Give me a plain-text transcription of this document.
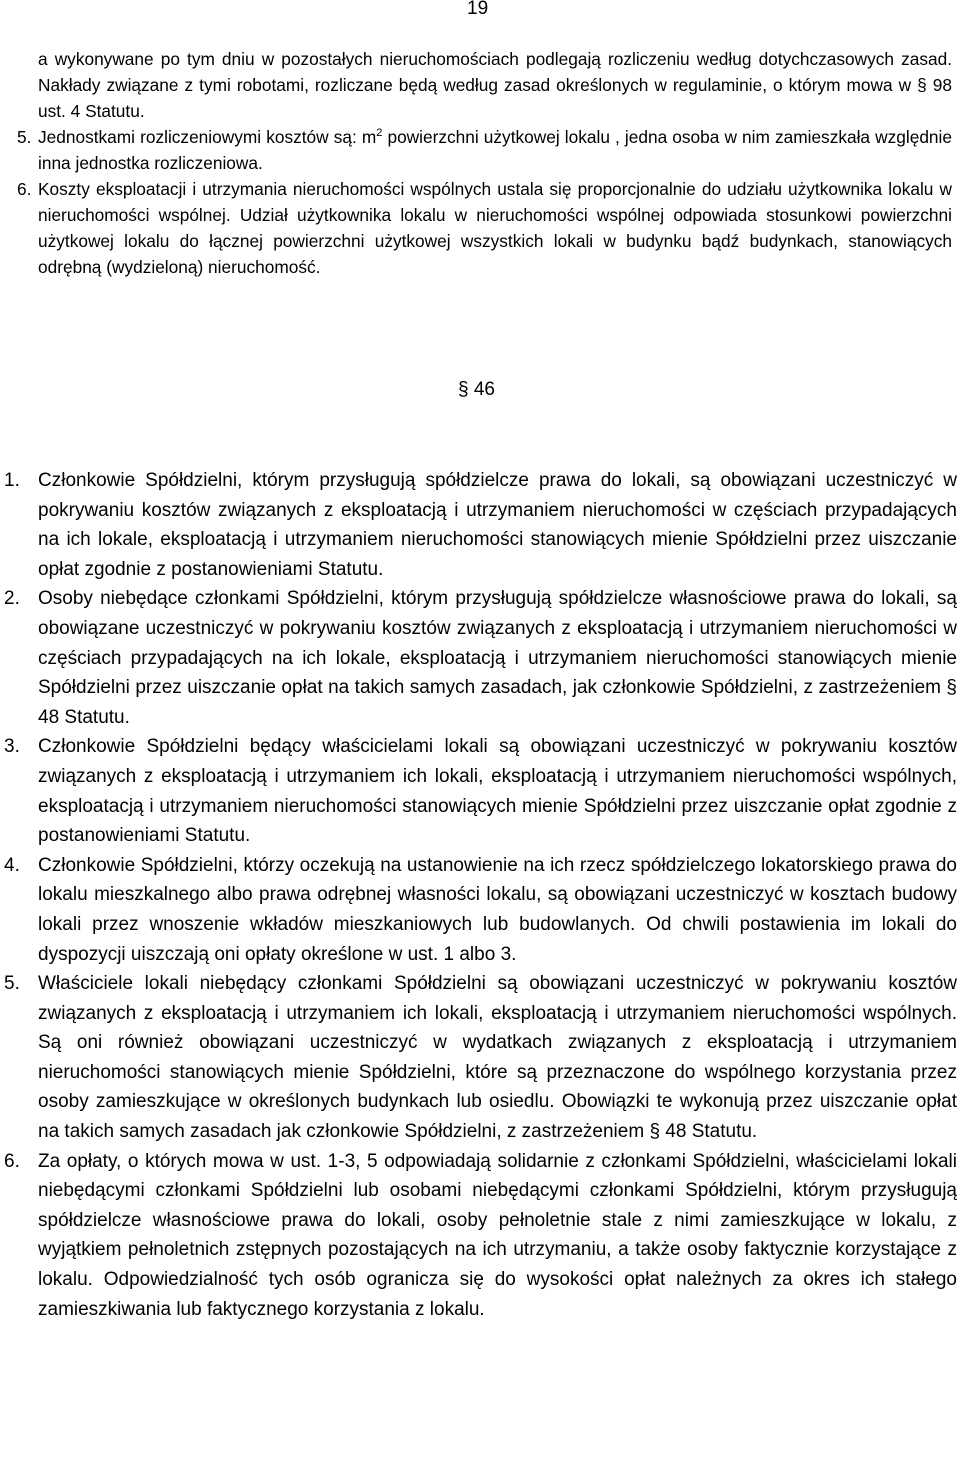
19

a wykonywane po tym dniu w pozostałych nieruchomościach podlegają rozliczeniu według dotychczasowych zasad. Nakłady związane z tymi robotami, rozliczane będą według zasad określonych w regulaminie, o którym mowa w § 98 ust. 4 Statutu.

5. Jednostkami rozliczeniowymi kosztów są: $m^2$ powierzchni użytkowej lokalu , jedna osoba w nim zamieszkała względnie inna jednostka rozliczeniowa.

6. Koszty eksploatacji i utrzymania nieruchomości wspólnych ustala się proporcjonalnie do udziału użytkownika lokalu w nieruchomości wspólnej. Udział użytkownika lokalu w nieruchomości wspólnej odpowiada stosunkowi powierzchni użytkowej lokalu do łącznej powierzchni użytkowej wszystkich lokali w budynku bądź budynkach, stanowiących odrębną (wydzieloną) nieruchomość.

§ 46

1. Członkowie Spółdzielni, którym przysługują spółdzielcze prawa do lokali, są obowiązani uczestniczyć w pokrywaniu kosztów związanych z eksploatacją i utrzymaniem nieruchomości w częściach przypadających na ich lokale, eksploatacją i utrzymaniem nieruchomości stanowiących mienie Spółdzielni przez uiszczanie opłat zgodnie z postanowieniami Statutu.

2. Osoby niebędące członkami Spółdzielni, którym przysługują spółdzielcze własnościowe prawa do lokali, są obowiązane uczestniczyć w pokrywaniu kosztów związanych z eksploatacją i utrzymaniem nieruchomości w częściach przypadających na ich lokale, eksploatacją i utrzymaniem nieruchomości stanowiących mienie Spółdzielni przez uiszczanie opłat na takich samych zasadach, jak członkowie Spółdzielni, z zastrzeżeniem § 48 Statutu.

3. Członkowie Spółdzielni będący właścicielami lokali są obowiązani uczestniczyć w pokrywaniu kosztów związanych z eksploatacją i utrzymaniem ich lokali, eksploatacją i utrzymaniem nieruchomości wspólnych, eksploatacją i utrzymaniem nieruchomości stanowiących mienie Spółdzielni przez uiszczanie opłat zgodnie z postanowieniami Statutu.

4. Członkowie Spółdzielni, którzy oczekują na ustanowienie na ich rzecz spółdzielczego lokatorskiego prawa do lokalu mieszkalnego albo prawa odrębnej własności lokalu, są obowiązani uczestniczyć w kosztach budowy lokali przez wnoszenie wkładów mieszkaniowych lub budowlanych. Od chwili postawienia im lokali do dyspozycji uiszczają oni opłaty określone w ust. 1 albo 3.

5. Właściciele lokali niebędący członkami Spółdzielni są obowiązani uczestniczyć w pokrywaniu kosztów związanych z eksploatacją i utrzymaniem ich lokali, eksploatacją i utrzymaniem nieruchomości wspólnych. Są oni również obowiązani uczestniczyć w wydatkach związanych z eksploatacją i utrzymaniem nieruchomości stanowiących mienie Spółdzielni, które są przeznaczone do wspólnego korzystania przez osoby zamieszkujące w określonych budynkach lub osiedlu. Obowiązki te wykonują przez uiszczanie opłat na takich samych zasadach jak członkowie Spółdzielni, z zastrzeżeniem § 48 Statutu.

6. Za opłaty, o których mowa w ust. 1-3, 5 odpowiadają solidarnie z członkami Spółdzielni, właścicielami lokali niebędącymi członkami Spółdzielni lub osobami niebędącymi członkami Spółdzielni, którym przysługują spółdzielcze własnościowe prawa do lokali, osoby pełnoletnie stale z nimi zamieszkujące w lokalu, z wyjątkiem pełnoletnich zstępnych pozostających na ich utrzymaniu, a także osoby faktycznie korzystające z lokalu. Odpowiedzialność tych osób ogranicza się do wysokości opłat należnych za okres ich stałego zamieszkiwania lub faktycznego korzystania z lokalu.
